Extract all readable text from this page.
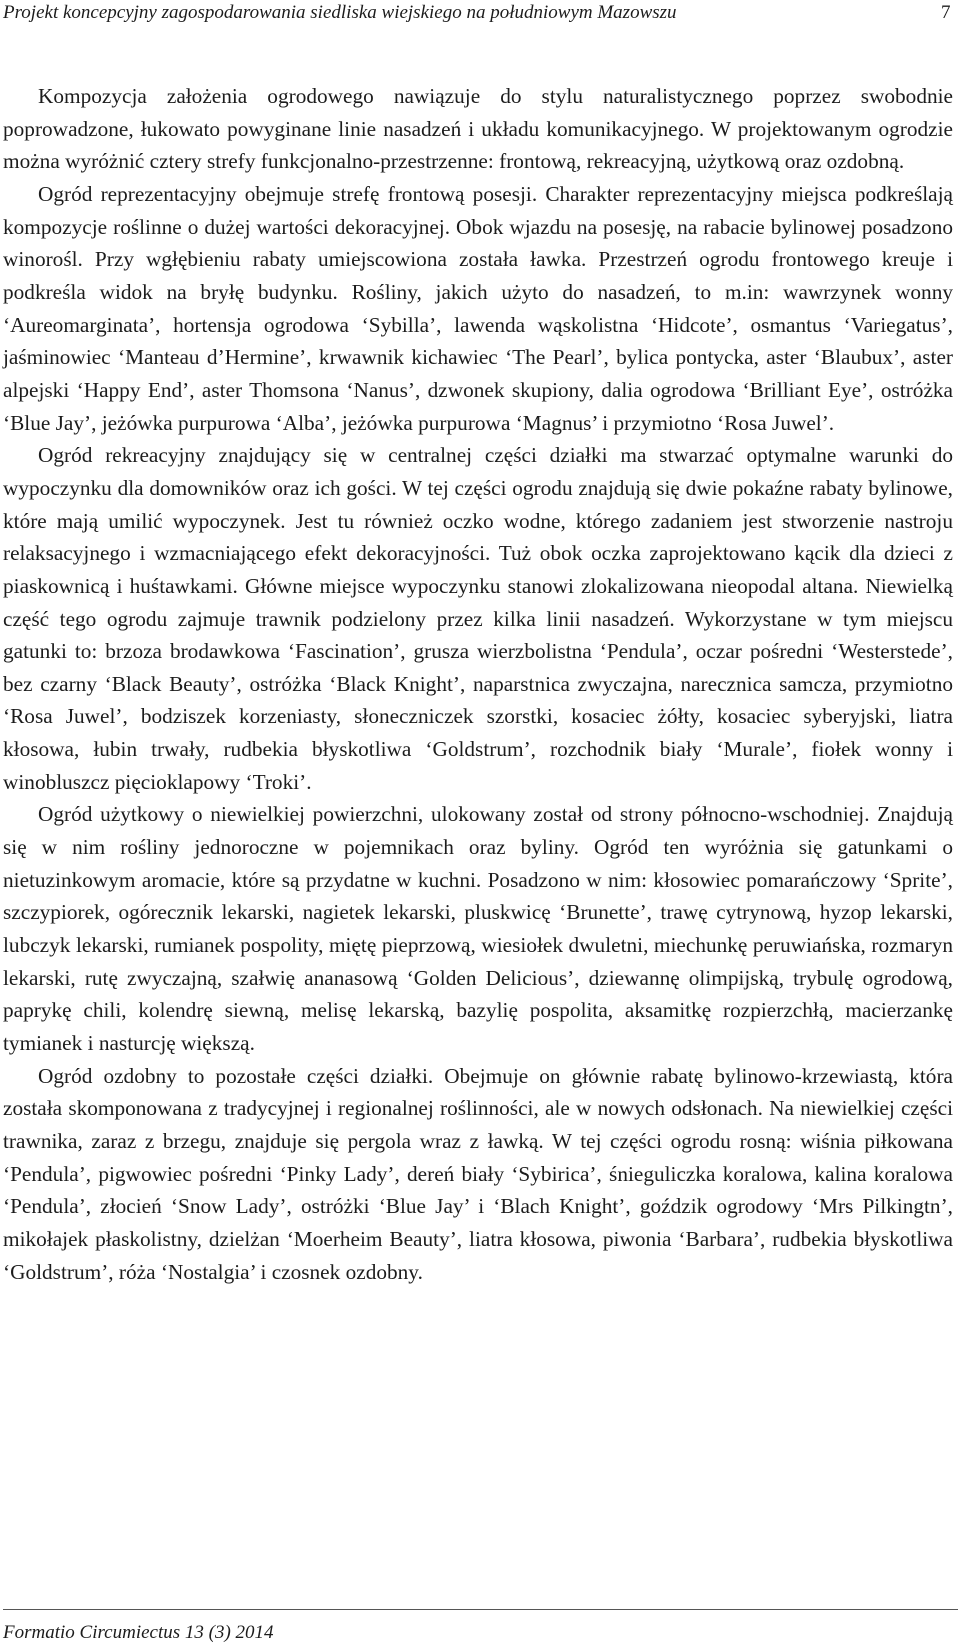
Projekt koncepcyjny zagospodarowania siedliska wiejskiego na południowym Mazowszu	7

Kompozycja założenia ogrodowego nawiązuje do stylu naturalistycznego poprzez swobodnie poprowadzone, łukowato powyginane linie nasadzeń i układu komunikacyjnego. W projektowanym ogrodzie można wyróżnić cztery strefy funkcjonalno-przestrzenne: frontową, rekreacyjną, użytkową oraz ozdobną.

Ogród reprezentacyjny obejmuje strefę frontową posesji. Charakter reprezentacyjny miejsca podkreślają kompozycje roślinne o dużej wartości dekoracyjnej. Obok wjazdu na posesję, na rabacie bylinowej posadzono winorośl. Przy wgłębieniu rabaty umiejscowiona została ławka. Przestrzeń ogrodu frontowego kreuje i podkreśla widok na bryłę budynku. Rośliny, jakich użyto do nasadzeń, to m.in: wawrzynek wonny ‘Aureomarginata’, hortensja ogrodowa ‘Sybilla’, lawenda wąskolistna ‘Hidcote’, osmantus ‘Variegatus’, jaśminowiec ‘Manteau d’Hermine’, krwawnik kichawiec ‘The Pearl’, bylica pontycka, aster ‘Blaubux’, aster alpejski ‘Happy End’, aster Thomsona ‘Nanus’, dzwonek skupiony, dalia ogrodowa ‘Brilliant Eye’, ostróżka ‘Blue Jay’, jeżówka purpurowa ‘Alba’, jeżówka purpurowa ‘Magnus’ i przymiotno ‘Rosa Juwel’.

Ogród rekreacyjny znajdujący się w centralnej części działki ma stwarzać optymalne warunki do wypoczynku dla domowników oraz ich gości. W tej części ogrodu znajdują się dwie pokaźne rabaty bylinowe, które mają umilić wypoczynek. Jest tu również oczko wodne, którego zadaniem jest stworzenie nastroju relaksacyjnego i wzmacniającego efekt dekoracyjności. Tuż obok oczka zaprojektowano kącik dla dzieci z piaskownicą i huśtawkami. Główne miejsce wypoczynku stanowi zlokalizowana nieopodal altana. Niewielką część tego ogrodu zajmuje trawnik podzielony przez kilka linii nasadzeń. Wykorzystane w tym miejscu gatunki to: brzoza brodawkowa ‘Fascination’, grusza wierzbolistna ‘Pendula’, oczar pośredni ‘Westerstede’, bez czarny ‘Black Beauty’, ostróżka ‘Black Knight’, naparstnica zwyczajna, narecznica samcza, przymiotno ‘Rosa Juwel’, bodziszek korzeniasty, słoneczniczek szorstki, kosaciec żółty, kosaciec syberyjski, liatra kłosowa, łubin trwały, rudbekia błyskotliwa ‘Goldstrum’, rozchodnik biały ‘Murale’, fiołek wonny i winobluszcz pięcioklapowy ‘Troki’.

Ogród użytkowy o niewielkiej powierzchni, ulokowany został od strony północno-wschodniej. Znajdują się w nim rośliny jednoroczne w pojemnikach oraz byliny. Ogród ten wyróżnia się gatunkami o nietuzinkowym aromacie, które są przydatne w kuchni. Posadzono w nim: kłosowiec pomarańczowy ‘Sprite’, szczypiorek, ogórecznik lekarski, nagietek lekarski, pluskwicę ‘Brunette’, trawę cytrynową, hyzop lekarski, lubczyk lekarski, rumianek pospolity, miętę pieprzową, wiesiołek dwuletni, miechunkę peruwiańska, rozmaryn lekarski, rutę zwyczajną, szałwię ananasową ‘Golden Delicious’, dziewannę olimpijską, trybulę ogrodową, paprykę chili, kolendrę siewną, melisę lekarską, bazylię pospolita, aksamitkę rozpierzchłą, macierzankę tymianek i nasturcję większą.

Ogród ozdobny to pozostałe części działki. Obejmuje on głównie rabatę bylinowo-krzewiastą, która została skomponowana z tradycyjnej i regionalnej roślinności, ale w nowych odsłonach. Na niewielkiej części trawnika, zaraz z brzegu, znajduje się pergola wraz z ławką. W tej części ogrodu rosną: wiśnia piłkowana ‘Pendula’, pigwowiec pośredni ‘Pinky Lady’, dereń biały ‘Sybirica’, śnieguliczka koralowa, kalina koralowa ‘Pendula’, złocień ‘Snow Lady’, ostróżki ‘Blue Jay’ i ‘Blach Knight’, goździk ogrodowy ‘Mrs Pilkingtn’, mikołajek płaskolistny, dzielżan ‘Moerheim Beauty’, liatra kłosowa, piwonia ‘Barbara’, rudbekia błyskotliwa ‘Goldstrum’, róża ‘Nostalgia’ i czosnek ozdobny.

Formatio Circumiectus 13 (3) 2014
